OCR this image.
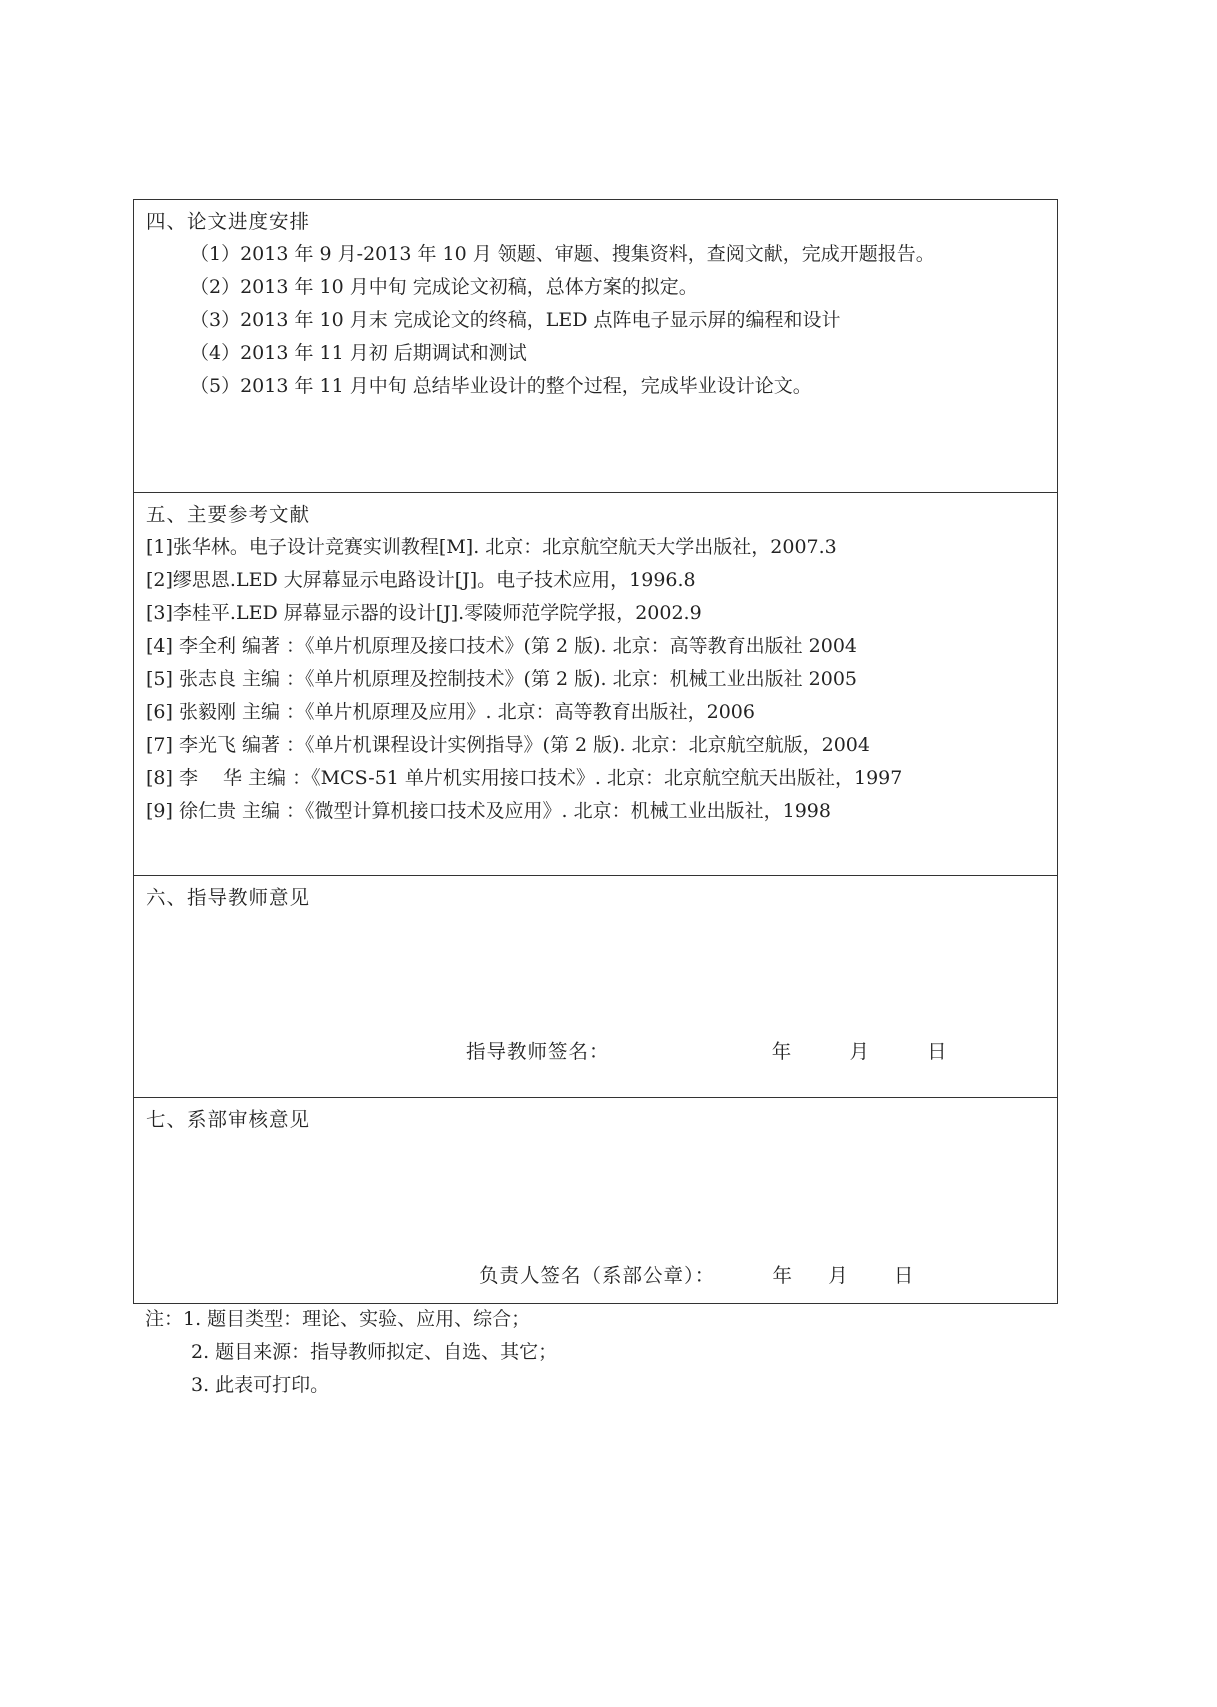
四、论文进度安排
（1）2013 年 9 月-2013 年 10 月 领题、审题、搜集资料，查阅文献，完成开题报告。
（2）2013 年 10 月中旬 完成论文初稿，总体方案的拟定。
（3）2013 年 10 月末 完成论文的终稿，LED 点阵电子显示屏的编程和设计
（4）2013 年 11 月初 后期调试和测试
（5）2013 年 11 月中旬 总结毕业设计的整个过程，完成毕业设计论文。
五、主要参考文献
[1]张华林。电子设计竞赛实训教程[M]. 北京：北京航空航天大学出版社，2007.3
[2]缪思恩.LED 大屏幕显示电路设计[J]。电子技术应用，1996.8
[3]李桂平.LED 屏幕显示器的设计[J].零陵师范学院学报，2002.9
[4] 李全利 编著 ：《单片机原理及接口技术》(第 2 版). 北京：高等教育出版社 2004
[5] 张志良 主编 ：《单片机原理及控制技术》(第 2 版). 北京：机械工业出版社 2005
[6] 张毅刚 主编 ：《单片机原理及应用》. 北京：高等教育出版社，2006
[7] 李光飞 编著 ：《单片机课程设计实例指导》(第 2 版). 北京：北京航空航版，2004
[8] 李　 华 主编 ：《MCS-51 单片机实用接口技术》. 北京：北京航空航天出版社，1997
[9] 徐仁贵 主编 ：《微型计算机接口技术及应用》. 北京：机械工业出版社，1998
六、指导教师意见
指导教师签名：	年	月	日
七、系部审核意见
负责人签名（系部公章）：	年 月 日
注：1. 题目类型：理论、实验、应用、综合；
2. 题目来源：指导教师拟定、自选、其它；
3. 此表可打印。
